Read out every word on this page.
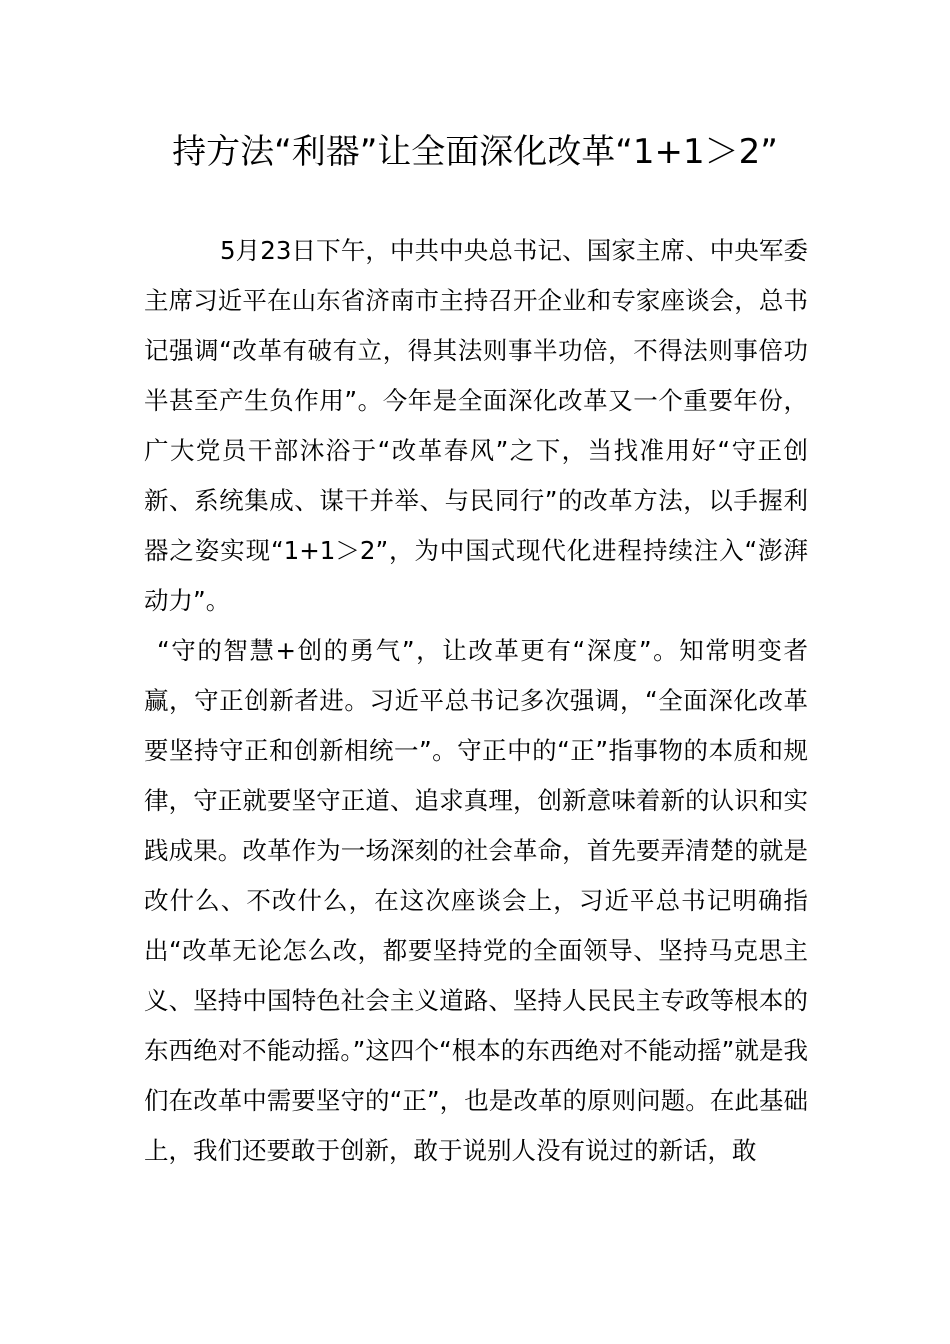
持方法“利器”让全面深化改革“1+1＞2”

5月23日下午，中共中央总书记、国家主席、中央军委主席习近平在山东省济南市主持召开企业和专家座谈会，总书记强调“改革有破有立，得其法则事半功倍，不得法则事倍功半甚至产生负作用”。今年是全面深化改革又一个重要年份，广大党员干部沐浴于“改革春风”之下，当找准用好“守正创新、系统集成、谋干并举、与民同行”的改革方法，以手握利器之姿实现“1+1＞2”，为中国式现代化进程持续注入“澎湃动力”。

“守的智慧+创的勇气”，让改革更有“深度”。知常明变者赢，守正创新者进。习近平总书记多次强调，“全面深化改革要坚持守正和创新相统一”。守正中的“正”指事物的本质和规律，守正就要坚守正道、追求真理，创新意味着新的认识和实践成果。改革作为一场深刻的社会革命，首先要弄清楚的就是改什么、不改什么，在这次座谈会上，习近平总书记明确指出“改革无论怎么改，都要坚持党的全面领导、坚持马克思主义、坚持中国特色社会主义道路、坚持人民民主专政等根本的东西绝对不能动摇。”这四个“根本的东西绝对不能动摇”就是我们在改革中需要坚守的“正”，也是改革的原则问题。在此基础上，我们还要敢于创新，敢于说别人没有说过的新话，敢
